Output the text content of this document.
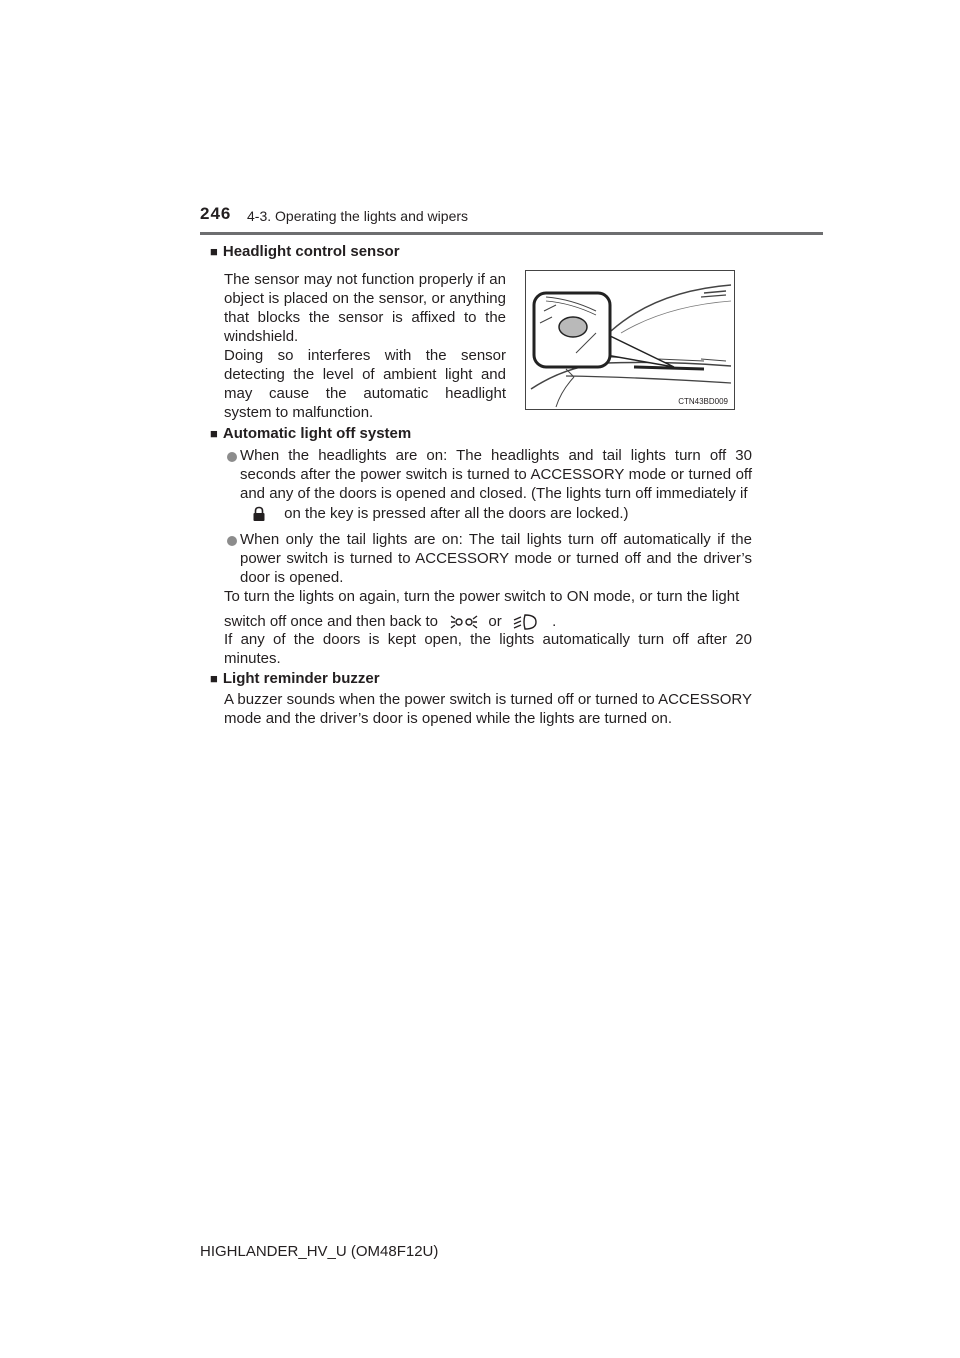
246 4-3. Operating the lights and wipers
■ Headlight control sensor
The sensor may not function properly if an object is placed on the sensor, or anything that blocks the sensor is affixed to the windshield.
Doing so interferes with the sensor detecting the level of ambient light and may cause the automatic headlight system to malfunction.
CTN43BD009
■ Automatic light off system
When the headlights are on: The headlights and tail lights turn off 30 seconds after the power switch is turned to ACCESSORY mode or turned off and any of the doors is opened and closed. (The lights turn off immediately if
on the key is pressed after all the doors are locked.)
When only the tail lights are on: The tail lights turn off automatically if the power switch is turned to ACCESSORY mode or turned off and the driver’s door is opened.
To turn the lights on again, turn the power switch to ON mode, or turn the light
switch off once and then back to	or	.
If any of the doors is kept open, the lights automatically turn off after 20 minutes.
■ Light reminder buzzer
A buzzer sounds when the power switch is turned off or turned to ACCESSORY mode and the driver’s door is opened while the lights are turned on.
HIGHLANDER_HV_U (OM48F12U)
